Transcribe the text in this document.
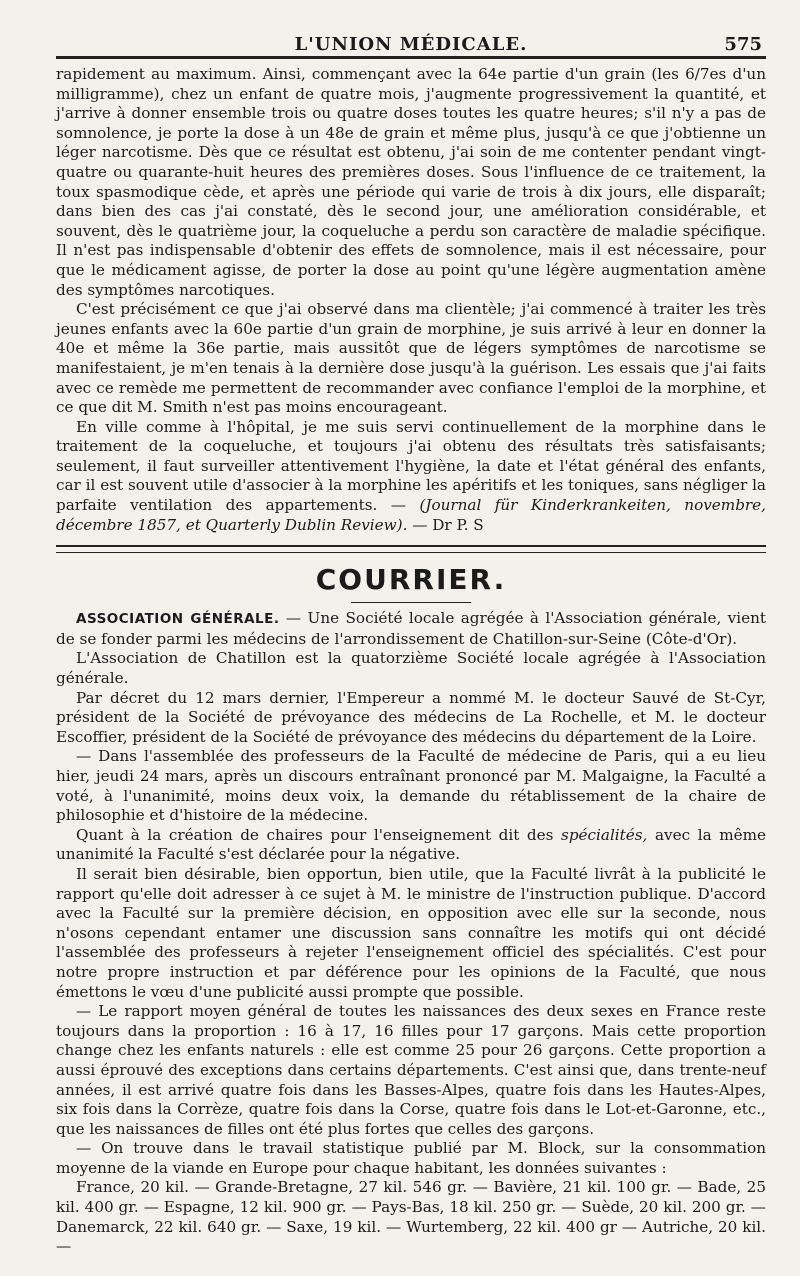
L'UNION MÉDICALE.	575

rapidement au maximum. Ainsi, commençant avec la 64e partie d'un grain (les 6/7es d'un milligramme), chez un enfant de quatre mois, j'augmente progressivement la quantité, et j'arrive à donner ensemble trois ou quatre doses toutes les quatre heures; s'il n'y a pas de somnolence, je porte la dose à un 48e de grain et même plus, jusqu'à ce que j'obtienne un léger narcotisme. Dès que ce résultat est obtenu, j'ai soin de me contenter pendant vingt-quatre ou quarante-huit heures des premières doses. Sous l'influence de ce traitement, la toux spasmodique cède, et après une période qui varie de trois à dix jours, elle disparaît; dans bien des cas j'ai constaté, dès le second jour, une amélioration considérable, et souvent, dès le quatrième jour, la coqueluche a perdu son caractère de maladie spécifique. Il n'est pas indispensable d'obtenir des effets de somnolence, mais il est nécessaire, pour que le médicament agisse, de porter la dose au point qu'une légère augmentation amène des symptômes narcotiques.

C'est précisément ce que j'ai observé dans ma clientèle; j'ai commencé à traiter les très jeunes enfants avec la 60e partie d'un grain de morphine, je suis arrivé à leur en donner la 40e et même la 36e partie, mais aussitôt que de légers symptômes de narcotisme se manifestaient, je m'en tenais à la dernière dose jusqu'à la guérison. Les essais que j'ai faits avec ce remède me permettent de recommander avec confiance l'emploi de la morphine, et ce que dit M. Smith n'est pas moins encourageant.

En ville comme à l'hôpital, je me suis servi continuellement de la morphine dans le traitement de la coqueluche, et toujours j'ai obtenu des résultats très satisfaisants; seulement, il faut surveiller attentivement l'hygiène, la date et l'état général des enfants, car il est souvent utile d'associer à la morphine les apéritifs et les toniques, sans négliger la parfaite ventilation des appartements. — (Journal für Kinderkrankeiten, novembre, décembre 1857, et Quarterly Dublin Review). — Dr P. S

COURRIER.

ASSOCIATION GÉNÉRALE. — Une Société locale agrégée à l'Association générale, vient de se fonder parmi les médecins de l'arrondissement de Chatillon-sur-Seine (Côte-d'Or).

L'Association de Chatillon est la quatorzième Société locale agrégée à l'Association générale.

Par décret du 12 mars dernier, l'Empereur a nommé M. le docteur Sauvé de St-Cyr, président de la Société de prévoyance des médecins de La Rochelle, et M. le docteur Escoffier, président de la Société de prévoyance des médecins du département de la Loire.

— Dans l'assemblée des professeurs de la Faculté de médecine de Paris, qui a eu lieu hier, jeudi 24 mars, après un discours entraînant prononcé par M. Malgaigne, la Faculté a voté, à l'unanimité, moins deux voix, la demande du rétablissement de la chaire de philosophie et d'histoire de la médecine.

Quant à la création de chaires pour l'enseignement dit des spécialités, avec la même unanimité la Faculté s'est déclarée pour la négative.

Il serait bien désirable, bien opportun, bien utile, que la Faculté livrât à la publicité le rapport qu'elle doit adresser à ce sujet à M. le ministre de l'instruction publique. D'accord avec la Faculté sur la première décision, en opposition avec elle sur la seconde, nous n'osons cependant entamer une discussion sans connaître les motifs qui ont décidé l'assemblée des professeurs à rejeter l'enseignement officiel des spécialités. C'est pour notre propre instruction et par déférence pour les opinions de la Faculté, que nous émettons le vœu d'une publicité aussi prompte que possible.

— Le rapport moyen général de toutes les naissances des deux sexes en France reste toujours dans la proportion : 16 à 17, 16 filles pour 17 garçons. Mais cette proportion change chez les enfants naturels : elle est comme 25 pour 26 garçons. Cette proportion a aussi éprouvé des exceptions dans certains départements. C'est ainsi que, dans trente-neuf années, il est arrivé quatre fois dans les Basses-Alpes, quatre fois dans les Hautes-Alpes, six fois dans la Corrèze, quatre fois dans la Corse, quatre fois dans le Lot-et-Garonne, etc., que les naissances de filles ont été plus fortes que celles des garçons.

— On trouve dans le travail statistique publié par M. Block, sur la consommation moyenne de la viande en Europe pour chaque habitant, les données suivantes :

France, 20 kil. — Grande-Bretagne, 27 kil. 546 gr. — Bavière, 21 kil. 100 gr. — Bade, 25 kil. 400 gr. — Espagne, 12 kil. 900 gr. — Pays-Bas, 18 kil. 250 gr. — Suède, 20 kil. 200 gr. — Danemarck, 22 kil. 640 gr. — Saxe, 19 kil. — Wurtemberg, 22 kil. 400 gr — Autriche, 20 kil. —
